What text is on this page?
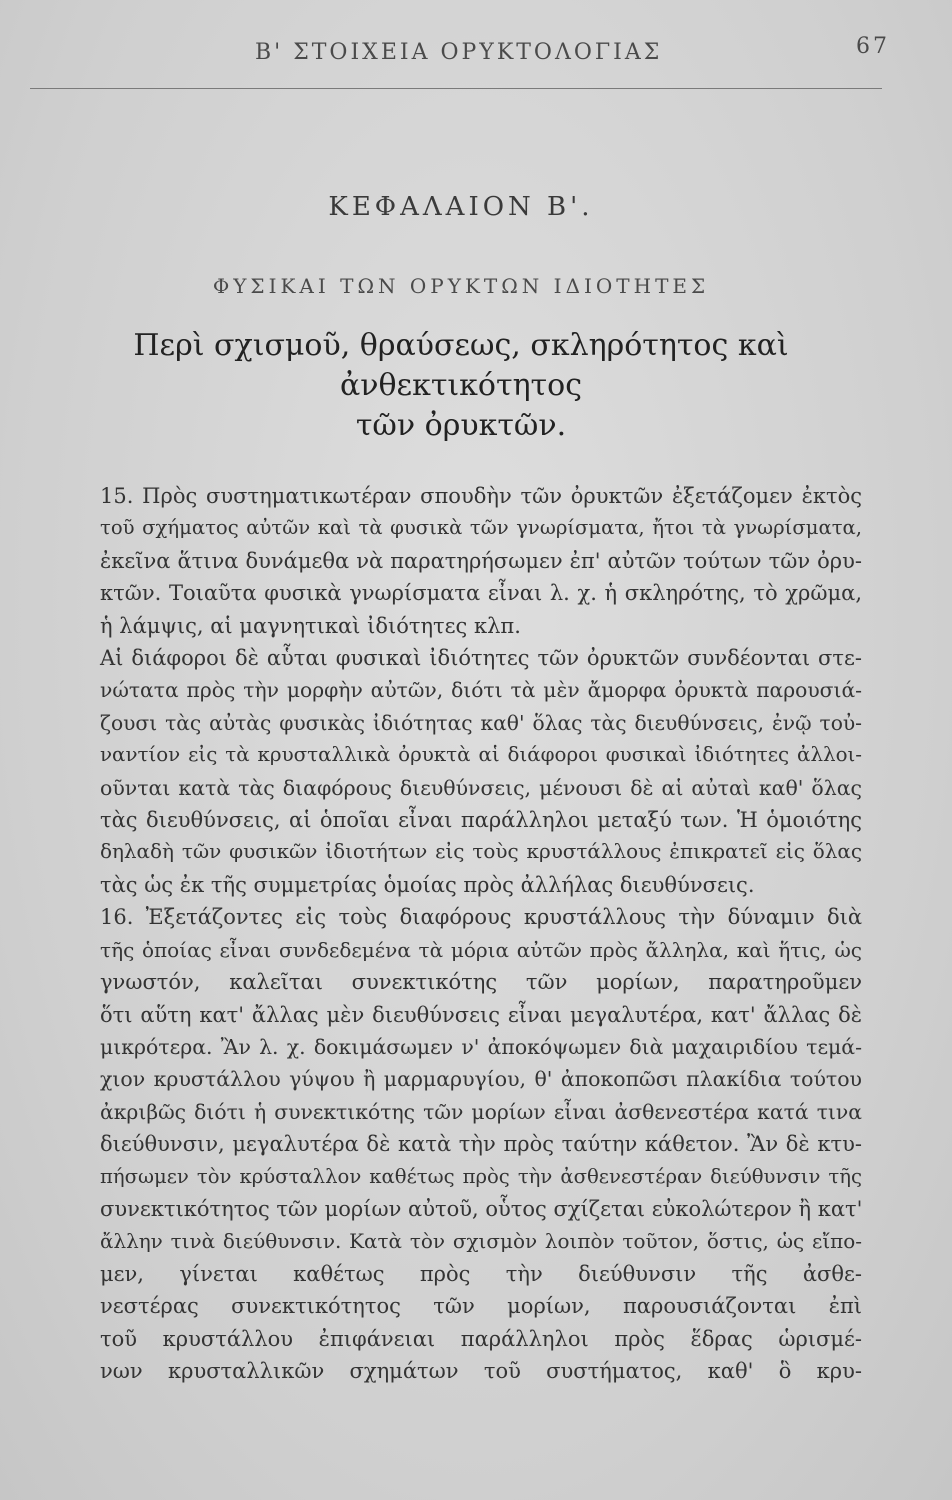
Β' ΣΤΟΙΧΕΙΑ ΟΡΥΚΤΟΛΟΓΙΑΣ	67
ΚΕΦΑΛΑΙΟΝ Β'.
ΦΥΣΙΚΑΙ ΤΩΝ ΟΡΥΚΤΩΝ ΙΔΙΟΤΗΤΕΣ
Περὶ σχισμοῦ, θραύσεως, σκληρότητος καὶ ἀνθεκτικότητος
τῶν ὀρυκτῶν.

15. Πρὸς συστηματικωτέραν σπουδὴν τῶν ὀρυκτῶν ἐξετάζομεν ἐκτὸς
τοῦ σχήματος αὐτῶν καὶ τὰ φυσικὰ τῶν γνωρίσματα, ἤτοι τὰ γνωρίσματα,
ἐκεῖνα ἅτινα δυνάμεθα νὰ παρατηρήσωμεν ἐπ' αὐτῶν τούτων τῶν ὀρυ-
κτῶν. Τοιαῦτα φυσικὰ γνωρίσματα εἶναι λ. χ. ἡ σκληρότης, τὸ χρῶμα,
ἡ λάμψις, αἱ μαγνητικαὶ ἰδιότητες κλπ.

Αἱ διάφοροι δὲ αὗται φυσικαὶ ἰδιότητες τῶν ὀρυκτῶν συνδέονται στε-
νώτατα πρὸς τὴν μορφὴν αὐτῶν, διότι τὰ μὲν ἄμορφα ὀρυκτὰ παρουσιά-
ζουσι τὰς αὐτὰς φυσικὰς ἰδιότητας καθ' ὅλας τὰς διευθύνσεις, ἐνῷ τοὐ-
ναντίον εἰς τὰ κρυσταλλικὰ ὀρυκτὰ αἱ διάφοροι φυσικαὶ ἰδιότητες ἀλλοι-
οῦνται κατὰ τὰς διαφόρους διευθύνσεις, μένουσι δὲ αἱ αὐταὶ καθ' ὅλας
τὰς διευθύνσεις, αἱ ὁποῖαι εἶναι παράλληλοι μεταξύ των. Ἡ ὁμοιότης
δηλαδὴ τῶν φυσικῶν ἰδιοτήτων εἰς τοὺς κρυστάλλους ἐπικρατεῖ εἰς ὅλας
τὰς ὡς ἐκ τῆς συμμετρίας ὁμοίας πρὸς ἀλλήλας διευθύνσεις.

16. Ἐξετάζοντες εἰς τοὺς διαφόρους κρυστάλλους τὴν δύναμιν διὰ
τῆς ὁποίας εἶναι συνδεδεμένα τὰ μόρια αὐτῶν πρὸς ἄλληλα, καὶ ἥτις, ὡς
γνωστόν, καλεῖται συνεκτικότης τῶν μορίων, παρατηροῦμεν
ὅτι αὕτη κατ' ἄλλας μὲν διευθύνσεις εἶναι μεγαλυτέρα, κατ' ἄλλας δὲ
μικρότερα. Ἂν λ. χ. δοκιμάσωμεν ν' ἀποκόψωμεν διὰ μαχαιριδίου τεμά-
χιον κρυστάλλου γύψου ἢ μαρμαρυγίου, θ' ἀποκοπῶσι πλακίδια τούτου
ἀκριβῶς διότι ἡ συνεκτικότης τῶν μορίων εἶναι ἀσθενεστέρα κατά τινα
διεύθυνσιν, μεγαλυτέρα δὲ κατὰ τὴν πρὸς ταύτην κάθετον. Ἂν δὲ κτυ-
πήσωμεν τὸν κρύσταλλον καθέτως πρὸς τὴν ἀσθενεστέραν διεύθυνσιν τῆς
συνεκτικότητος τῶν μορίων αὐτοῦ, οὗτος σχίζεται εὐκολώτερον ἢ κατ'
ἄλλην τινὰ διεύθυνσιν. Κατὰ τὸν σχισμὸν λοιπὸν τοῦτον, ὅστις, ὡς εἴπο-
μεν, γίνεται καθέτως πρὸς τὴν διεύθυνσιν τῆς ἀσθε-
νεστέρας συνεκτικότητος τῶν μορίων, παρουσιάζονται ἐπὶ
τοῦ κρυστάλλου ἐπιφάνειαι παράλληλοι πρὸς ἕδρας ὡρισμέ-
νων κρυσταλλικῶν σχημάτων τοῦ συστήματος, καθ' ὃ κρυ-
